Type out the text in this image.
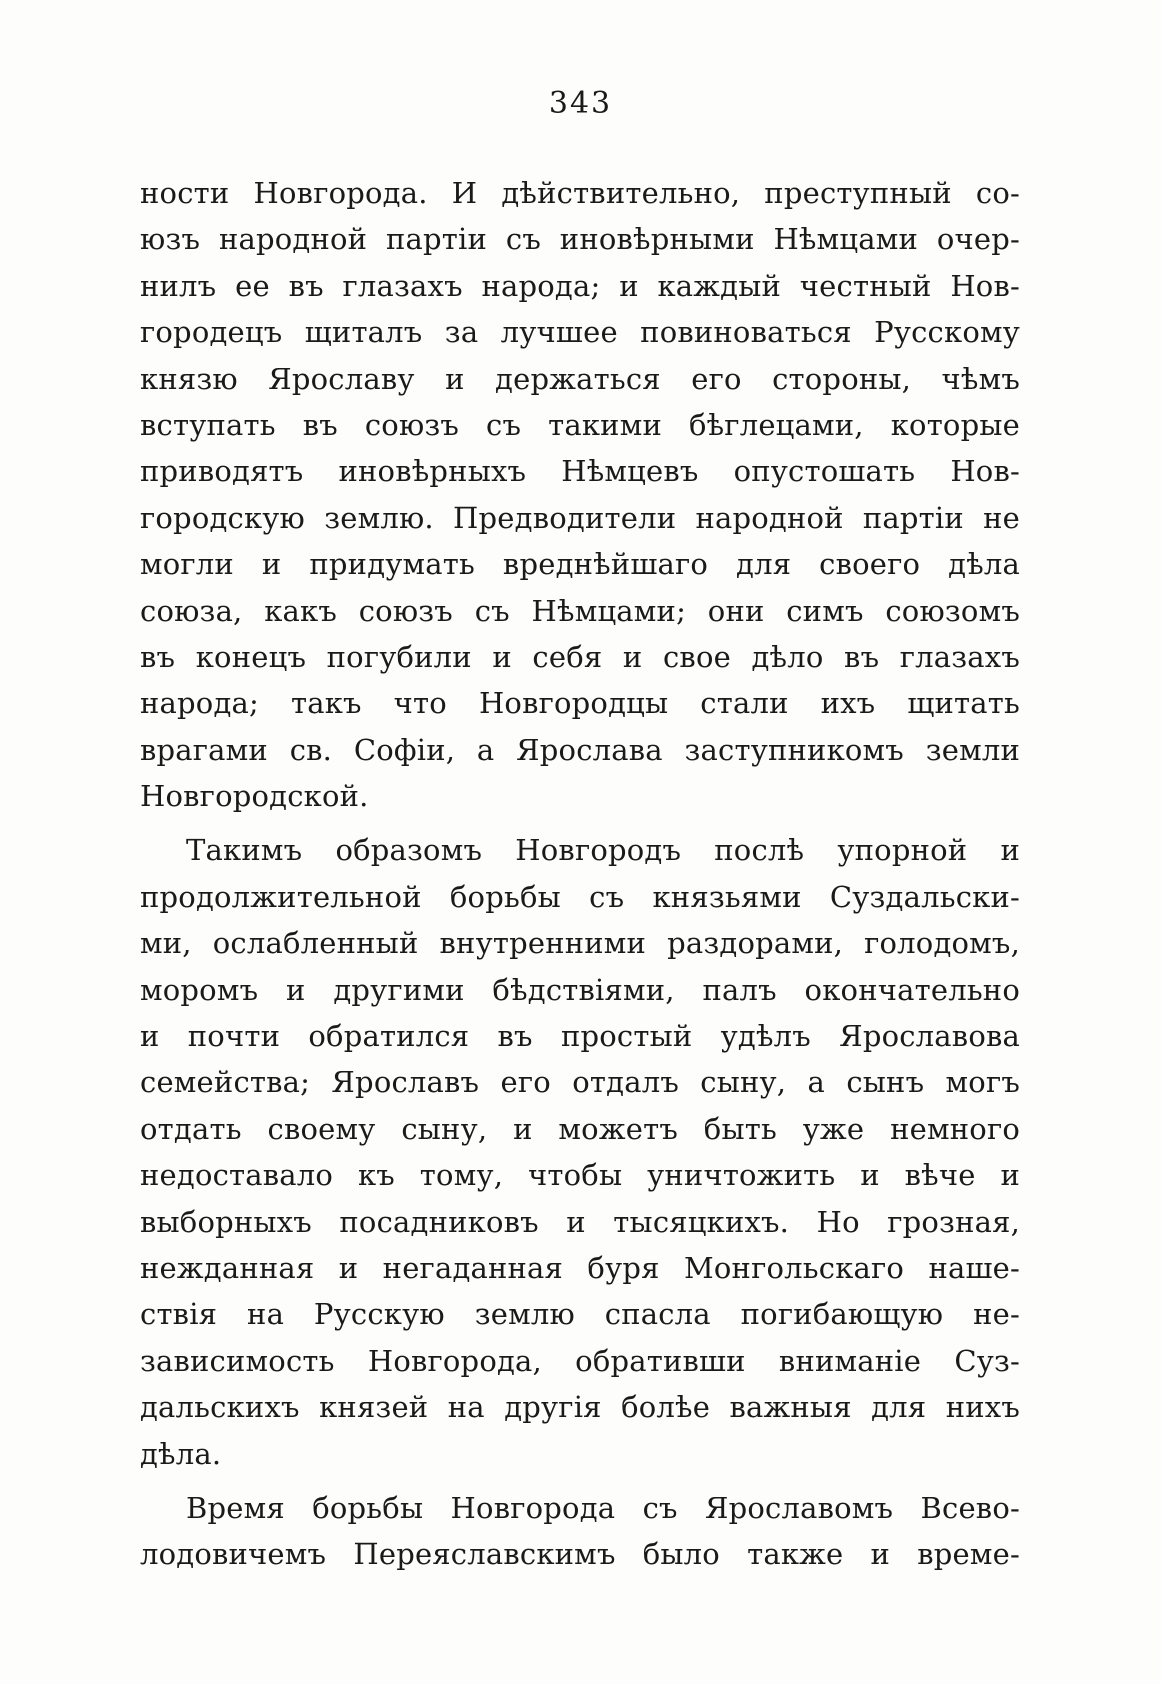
343
ности Новгорода. И дѣйствительно, преступный со-
юзъ народной партіи съ иновѣрными Нѣмцами очер-
нилъ ее въ глазахъ народа; и каждый честный Нов-
городецъ щиталъ за лучшее повиноваться Русскому
князю Ярославу и держаться его стороны, чѣмъ
вступать въ союзъ съ такими бѣглецами, которые
приводятъ иновѣрныхъ Нѣмцевъ опустошать Нов-
городскую землю. Предводители народной партіи не
могли и придумать вреднѣйшаго для своего дѣла
союза, какъ союзъ съ Нѣмцами; они симъ союзомъ
въ конецъ погубили и себя и свое дѣло въ глазахъ
народа; такъ что Новгородцы стали ихъ щитать
врагами св. Софіи, а Ярослава заступникомъ земли
Новгородской.
Такимъ образомъ Новгородъ послѣ упорной и
продолжительной борьбы съ князьями Суздальски-
ми, ослабленный внутренними раздорами, голодомъ,
моромъ и другими бѣдствіями, палъ окончательно
и почти обратился въ простый удѣлъ Ярославова
семейства; Ярославъ его отдалъ сыну, а сынъ могъ
отдать своему сыну, и можетъ быть уже немного
недоставало къ тому, чтобы уничтожить и вѣче и
выборныхъ посадниковъ и тысяцкихъ. Но грозная,
нежданная и негаданная буря Монгольскаго наше-
ствія на Русскую землю спасла погибающую не-
зависимость Новгорода, обративши вниманіе Суз-
дальскихъ князей на другія болѣе важныя для нихъ
дѣла.
Время борьбы Новгорода съ Ярославомъ Всево-
лодовичемъ Переяславскимъ было также и време-
